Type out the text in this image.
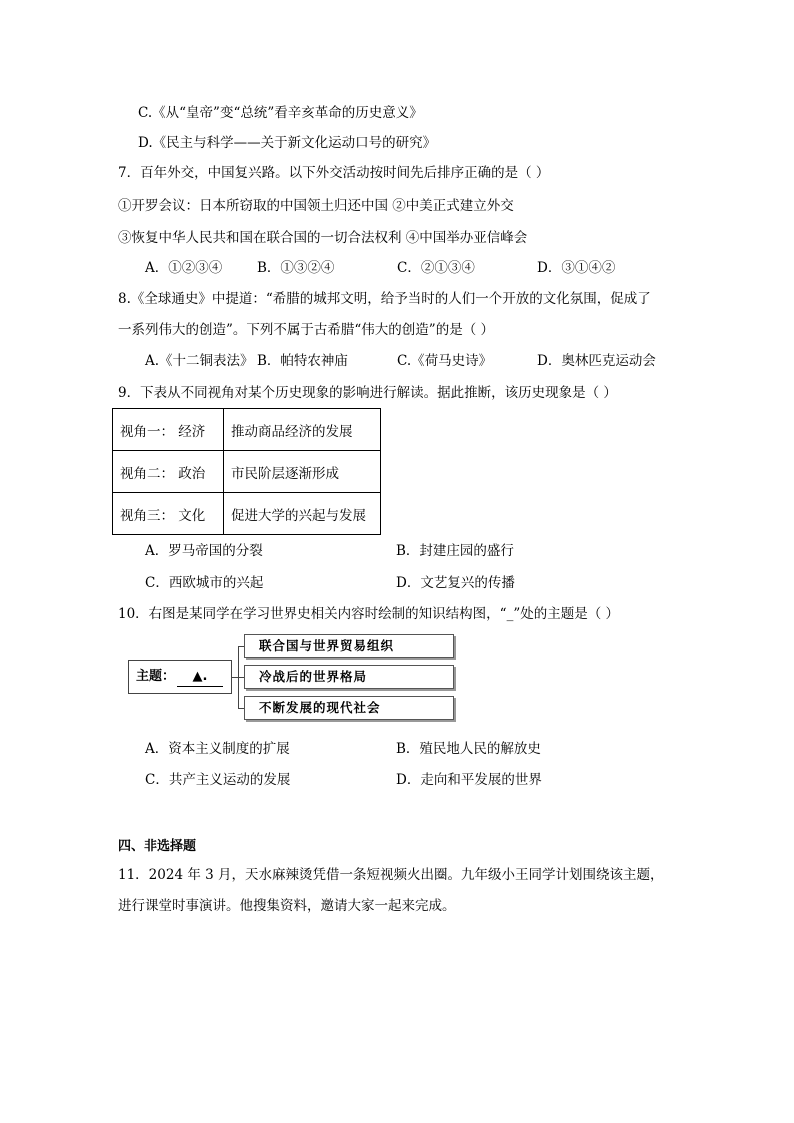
C.《从“皇帝”变“总统”看辛亥革命的历史意义》
D.《民主与科学——关于新文化运动口号的研究》
7．百年外交，中国复兴路。以下外交活动按时间先后排序正确的是（ ）
①开罗会议：日本所窃取的中国领土归还中国 ②中美正式建立外交
③恢复中华人民共和国在联合国的一切合法权利 ④中国举办亚信峰会
A．①②③④	B．①③②④	C．②①③④	D．③①④②
8.《全球通史》中提道：“希腊的城邦文明，给予当时的人们一个开放的文化氛围，促成了
一系列伟大的创造”。下列不属于古希腊“伟大的创造”的是（ ）
A.《十二铜表法》 B．帕特农神庙	C.《荷马史诗》	D．奥林匹克运动会
9．下表从不同视角对某个历史现象的影响进行解读。据此推断，该历史现象是（ ）
视角一： 经济	推动商品经济的发展
视角二： 政治	市民阶层逐渐形成
视角三： 文化	促进大学的兴起与发展
A．罗马帝国的分裂	B．封建庄园的盛行
C．西欧城市的兴起	D．文艺复兴的传播
10．右图是某同学在学习世界史相关内容时绘制的知识结构图，“_”处的主题是（ ）
主题： ▲.
联合国与世界贸易组织
冷战后的世界格局
不断发展的现代社会
A．资本主义制度的扩展	B．殖民地人民的解放史
C．共产主义运动的发展	D．走向和平发展的世界
四、非选择题
11．2024 年 3 月，天水麻辣烫凭借一条短视频火出圈。九年级小王同学计划围绕该主题，
进行课堂时事演讲。他搜集资料，邀请大家一起来完成。
